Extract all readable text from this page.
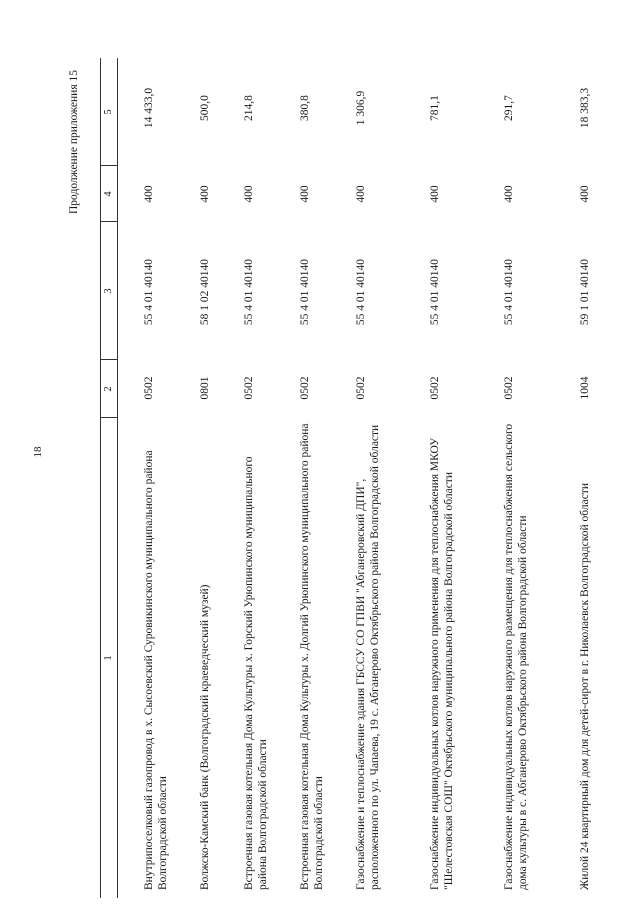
18
Продолжение приложения 15
1
2
3
4
5
Внутрипоселковый газопровод в х. Сысоевский Суровикинского муниципального района Волгоградской области
0502
55 4 01 40140
400
14 433,0
Волжско-Камский банк (Волгоградский краеведческий музей)
0801
58 1 02 40140
400
500,0
Встроенная газовая котельная Дома Культуры х. Горский Урюпинского муниципального района Волгоградской области
0502
55 4 01 40140
400
214,8
Встроенная газовая котельная Дома Культуры х. Долгий Урюпинского муниципального района Волгоградской области
0502
55 4 01 40140
400
380,8
Газоснабжение и теплоснабжение здания ГБССУ СО ГПВИ "Абганеровский ДПИ", расположенного по ул. Чапаева, 19 с. Абганерово Октябрьского района Волгоградской области
0502
55 4 01 40140
400
1 306,9
Газоснабжение индивидуальных котлов наружного применения для теплоснабжения МКОУ "Шелестовская СОШ" Октябрьского муниципального района Волгоградской области
0502
55 4 01 40140
400
781,1
Газоснабжение индивидуальных котлов наружного размещения для теплоснабжения сельского дома культуры в с. Абганерово Октябрьского района Волгоградской области
0502
55 4 01 40140
400
291,7
Жилой 24 квартирный дом для детей-сирот в г. Николаевск Волгоградской области
1004
59 1 01 40140
400
18 383,3
